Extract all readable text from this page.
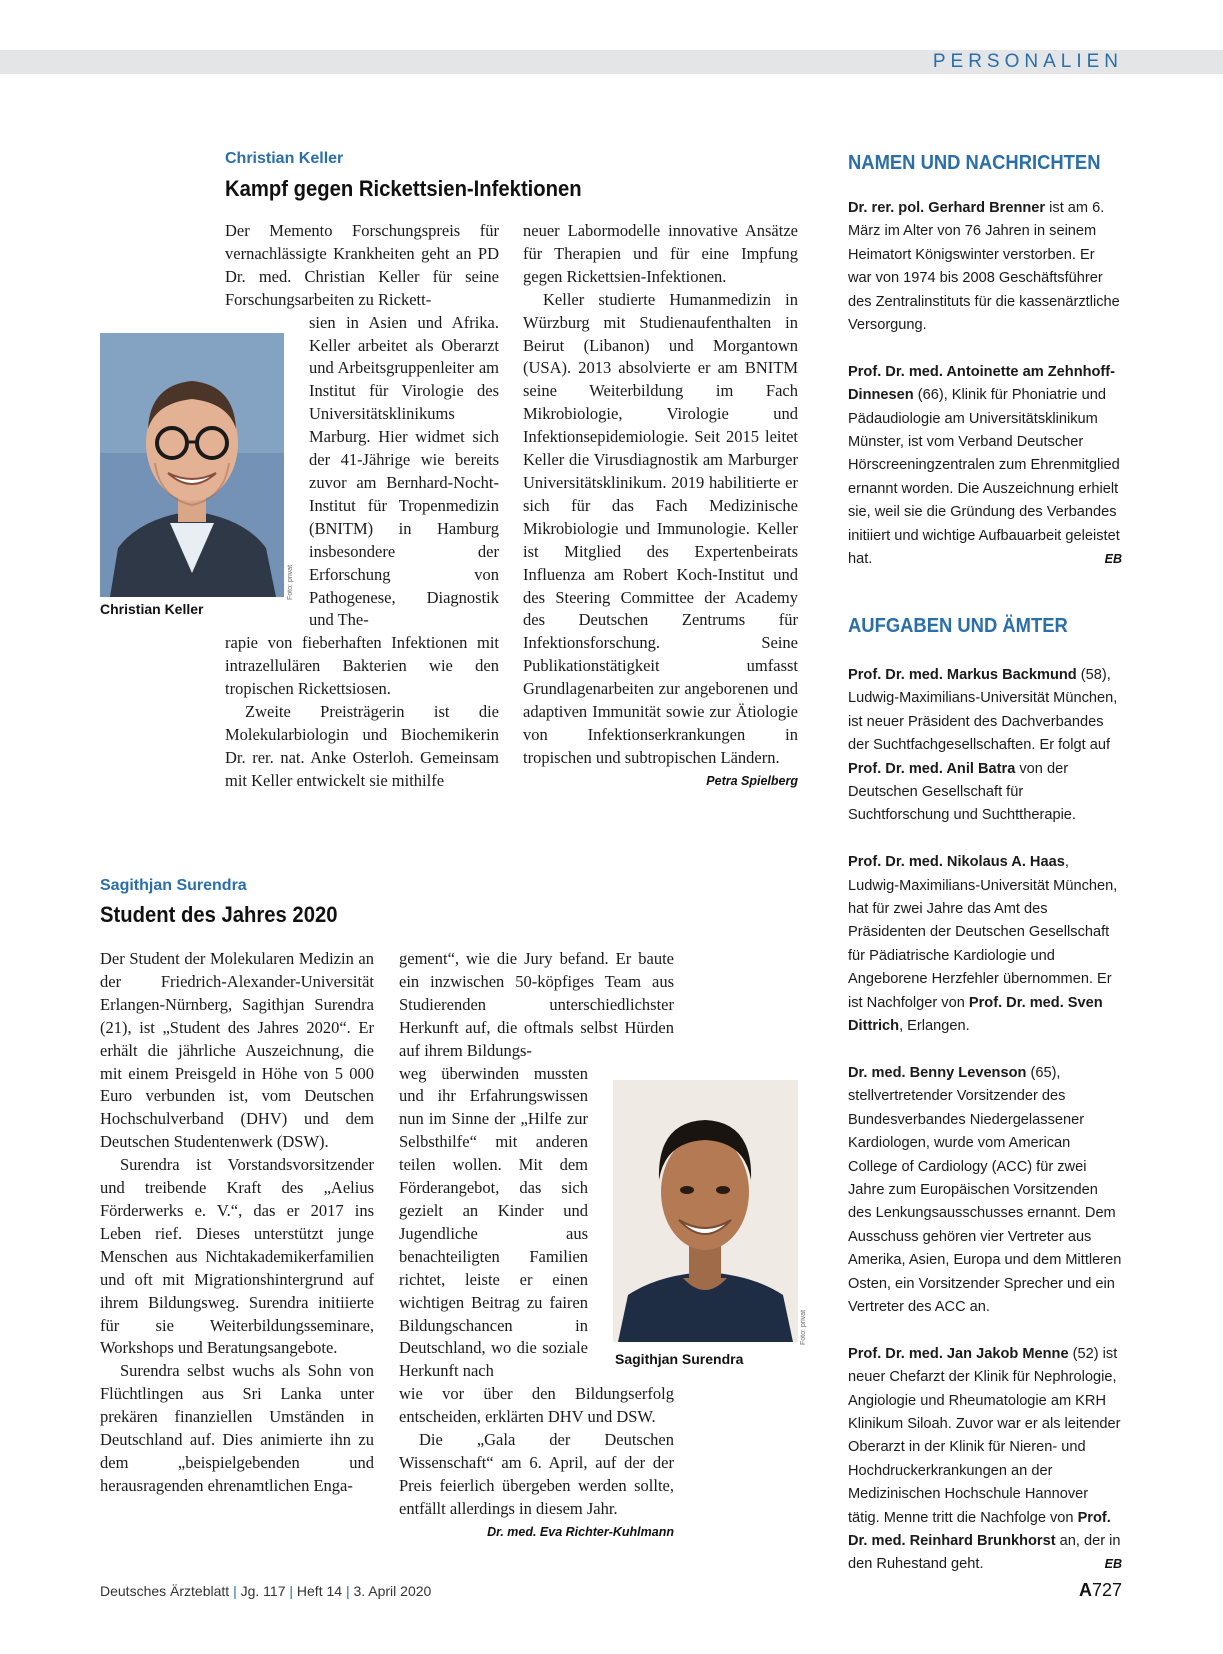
PERSONALIEN
Christian Keller
Kampf gegen Rickettsien-Infektionen
Foto: privat
Christian Keller

Der Memento Forschungspreis für vernachlässigte Krankheiten geht an PD Dr. med. Christian Keller für seine Forschungsarbeiten zu Rickett-

sien in Asien und Afrika. Keller arbeitet als Oberarzt und Arbeitsgruppenleiter am Institut für Virologie des Universitätsklinikums Marburg. Hier widmet sich der 41-Jährige wie bereits zuvor am Bernhard-Nocht-Institut für Tropenmedizin (BNITM) in Hamburg insbesondere der Erforschung von Pathogenese, Diagnostik und The-

rapie von fieberhaften Infektionen mit intrazellulären Bakterien wie den tropischen Rickettsiosen.

Zweite Preisträgerin ist die Molekularbiologin und Biochemikerin Dr. rer. nat. Anke Osterloh. Gemeinsam mit Keller entwickelt sie mithilfe

neuer Labormodelle innovative Ansätze für Therapien und für eine Impfung gegen Rickettsien-Infektionen.

Keller studierte Humanmedizin in Würzburg mit Studienaufenthalten in Beirut (Libanon) und Morgantown (USA). 2013 absolvierte er am BNITM seine Weiterbildung im Fach Mikrobiologie, Virologie und Infektionsepidemiologie. Seit 2015 leitet Keller die Virusdiagnostik am Marburger Universitätsklinikum. 2019 habilitierte er sich für das Fach Medizinische Mikrobiologie und Immunologie. Keller ist Mitglied des Expertenbeirats Influenza am Robert Koch-Institut und des Steering Committee der Academy des Deutschen Zentrums für Infektionsforschung. Seine Publikationstätigkeit umfasst Grundlagenarbeiten zur angeborenen und adaptiven Immunität sowie zur Ätiologie von Infektionserkrankungen in tropischen und subtropischen Ländern.
Petra Spielberg

Sagithjan Surendra
Student des Jahres 2020

Der Student der Molekularen Medizin an der Friedrich-Alexander-Universität Erlangen-Nürnberg, Sagithjan Surendra (21), ist „Student des Jahres 2020“. Er erhält die jährliche Auszeichnung, die mit einem Preisgeld in Höhe von 5 000 Euro verbunden ist, vom Deutschen Hochschulverband (DHV) und dem Deutschen Studentenwerk (DSW).

Surendra ist Vorstandsvorsitzender und treibende Kraft des „Aelius Förderwerks e. V.“, das er 2017 ins Leben rief. Dieses unterstützt junge Menschen aus Nichtakademikerfamilien und oft mit Migrationshintergrund auf ihrem Bildungsweg. Surendra initiierte für sie Weiterbildungsseminare, Workshops und Beratungsangebote.

Surendra selbst wuchs als Sohn von Flüchtlingen aus Sri Lanka unter prekären finanziellen Umständen in Deutschland auf. Dies animierte ihn zu dem „beispielgebenden und herausragenden ehrenamtlichen Enga-

Foto: privat
Sagithjan Surendra

gement“, wie die Jury befand. Er baute ein inzwischen 50-köpfiges Team aus Studierenden unterschiedlichster Herkunft auf, die oftmals selbst Hürden auf ihrem Bildungs-

weg überwinden mussten und ihr Erfahrungswissen nun im Sinne der „Hilfe zur Selbsthilfe“ mit anderen teilen wollen. Mit dem Förderangebot, das sich gezielt an Kinder und Jugendliche aus benachteiligten Familien richtet, leiste er einen wichtigen Beitrag zu fairen Bildungschancen in Deutschland, wo die soziale Herkunft nach

wie vor über den Bildungserfolg entscheiden, erklärten DHV und DSW.

Die „Gala der Deutschen Wissenschaft“ am 6. April, auf der der Preis feierlich übergeben werden sollte, entfällt allerdings in diesem Jahr.
Dr. med. Eva Richter-Kuhlmann

NAMEN UND NACHRICHTEN

Dr. rer. pol. Gerhard Brenner ist am 6. März im Alter von 76 Jahren in seinem Heimatort Königswinter verstorben. Er war von 1974 bis 2008 Geschäftsführer des Zentralinstituts für die kassenärztliche Versorgung.

Prof. Dr. med. Antoinette am Zehnhoff-Dinnesen (66), Klinik für Phoniatrie und Pädaudiologie am Universitätsklinikum Münster, ist vom Verband Deutscher Hörscreeningzentralen zum Ehrenmitglied ernannt worden. Die Auszeichnung erhielt sie, weil sie die Gründung des Verbandes initiiert und wichtige Aufbauarbeit geleistet hat.	EB

AUFGABEN UND ÄMTER

Prof. Dr. med. Markus Backmund (58), Ludwig-Maximilians-Universität München, ist neuer Präsident des Dachverbandes der Suchtfachgesellschaften. Er folgt auf Prof. Dr. med. Anil Batra von der Deutschen Gesellschaft für Suchtforschung und Suchttherapie.

Prof. Dr. med. Nikolaus A. Haas, Ludwig-Maximilians-Universität München, hat für zwei Jahre das Amt des Präsidenten der Deutschen Gesellschaft für Pädiatrische Kardiologie und Angeborene Herzfehler übernommen. Er ist Nachfolger von Prof. Dr. med. Sven Dittrich, Erlangen.

Dr. med. Benny Levenson (65), stellvertretender Vorsitzender des Bundesverbandes Niedergelassener Kardiologen, wurde vom American College of Cardiology (ACC) für zwei Jahre zum Europäischen Vorsitzenden des Lenkungsausschusses ernannt. Dem Ausschuss gehören vier Vertreter aus Amerika, Asien, Europa und dem Mittleren Osten, ein Vorsitzender Sprecher und ein Vertreter des ACC an.

Prof. Dr. med. Jan Jakob Menne (52) ist neuer Chefarzt der Klinik für Nephrologie, Angiologie und Rheumatologie am KRH Klinikum Siloah. Zuvor war er als leitender Oberarzt in der Klinik für Nieren- und Hochdruckerkrankungen an der Medizinischen Hochschule Hannover tätig. Menne tritt die Nachfolge von Prof. Dr. med. Reinhard Brunkhorst an, der in den Ruhestand geht.	EB

Deutsches Ärzteblatt | Jg. 117 | Heft 14 | 3. April 2020	A727
